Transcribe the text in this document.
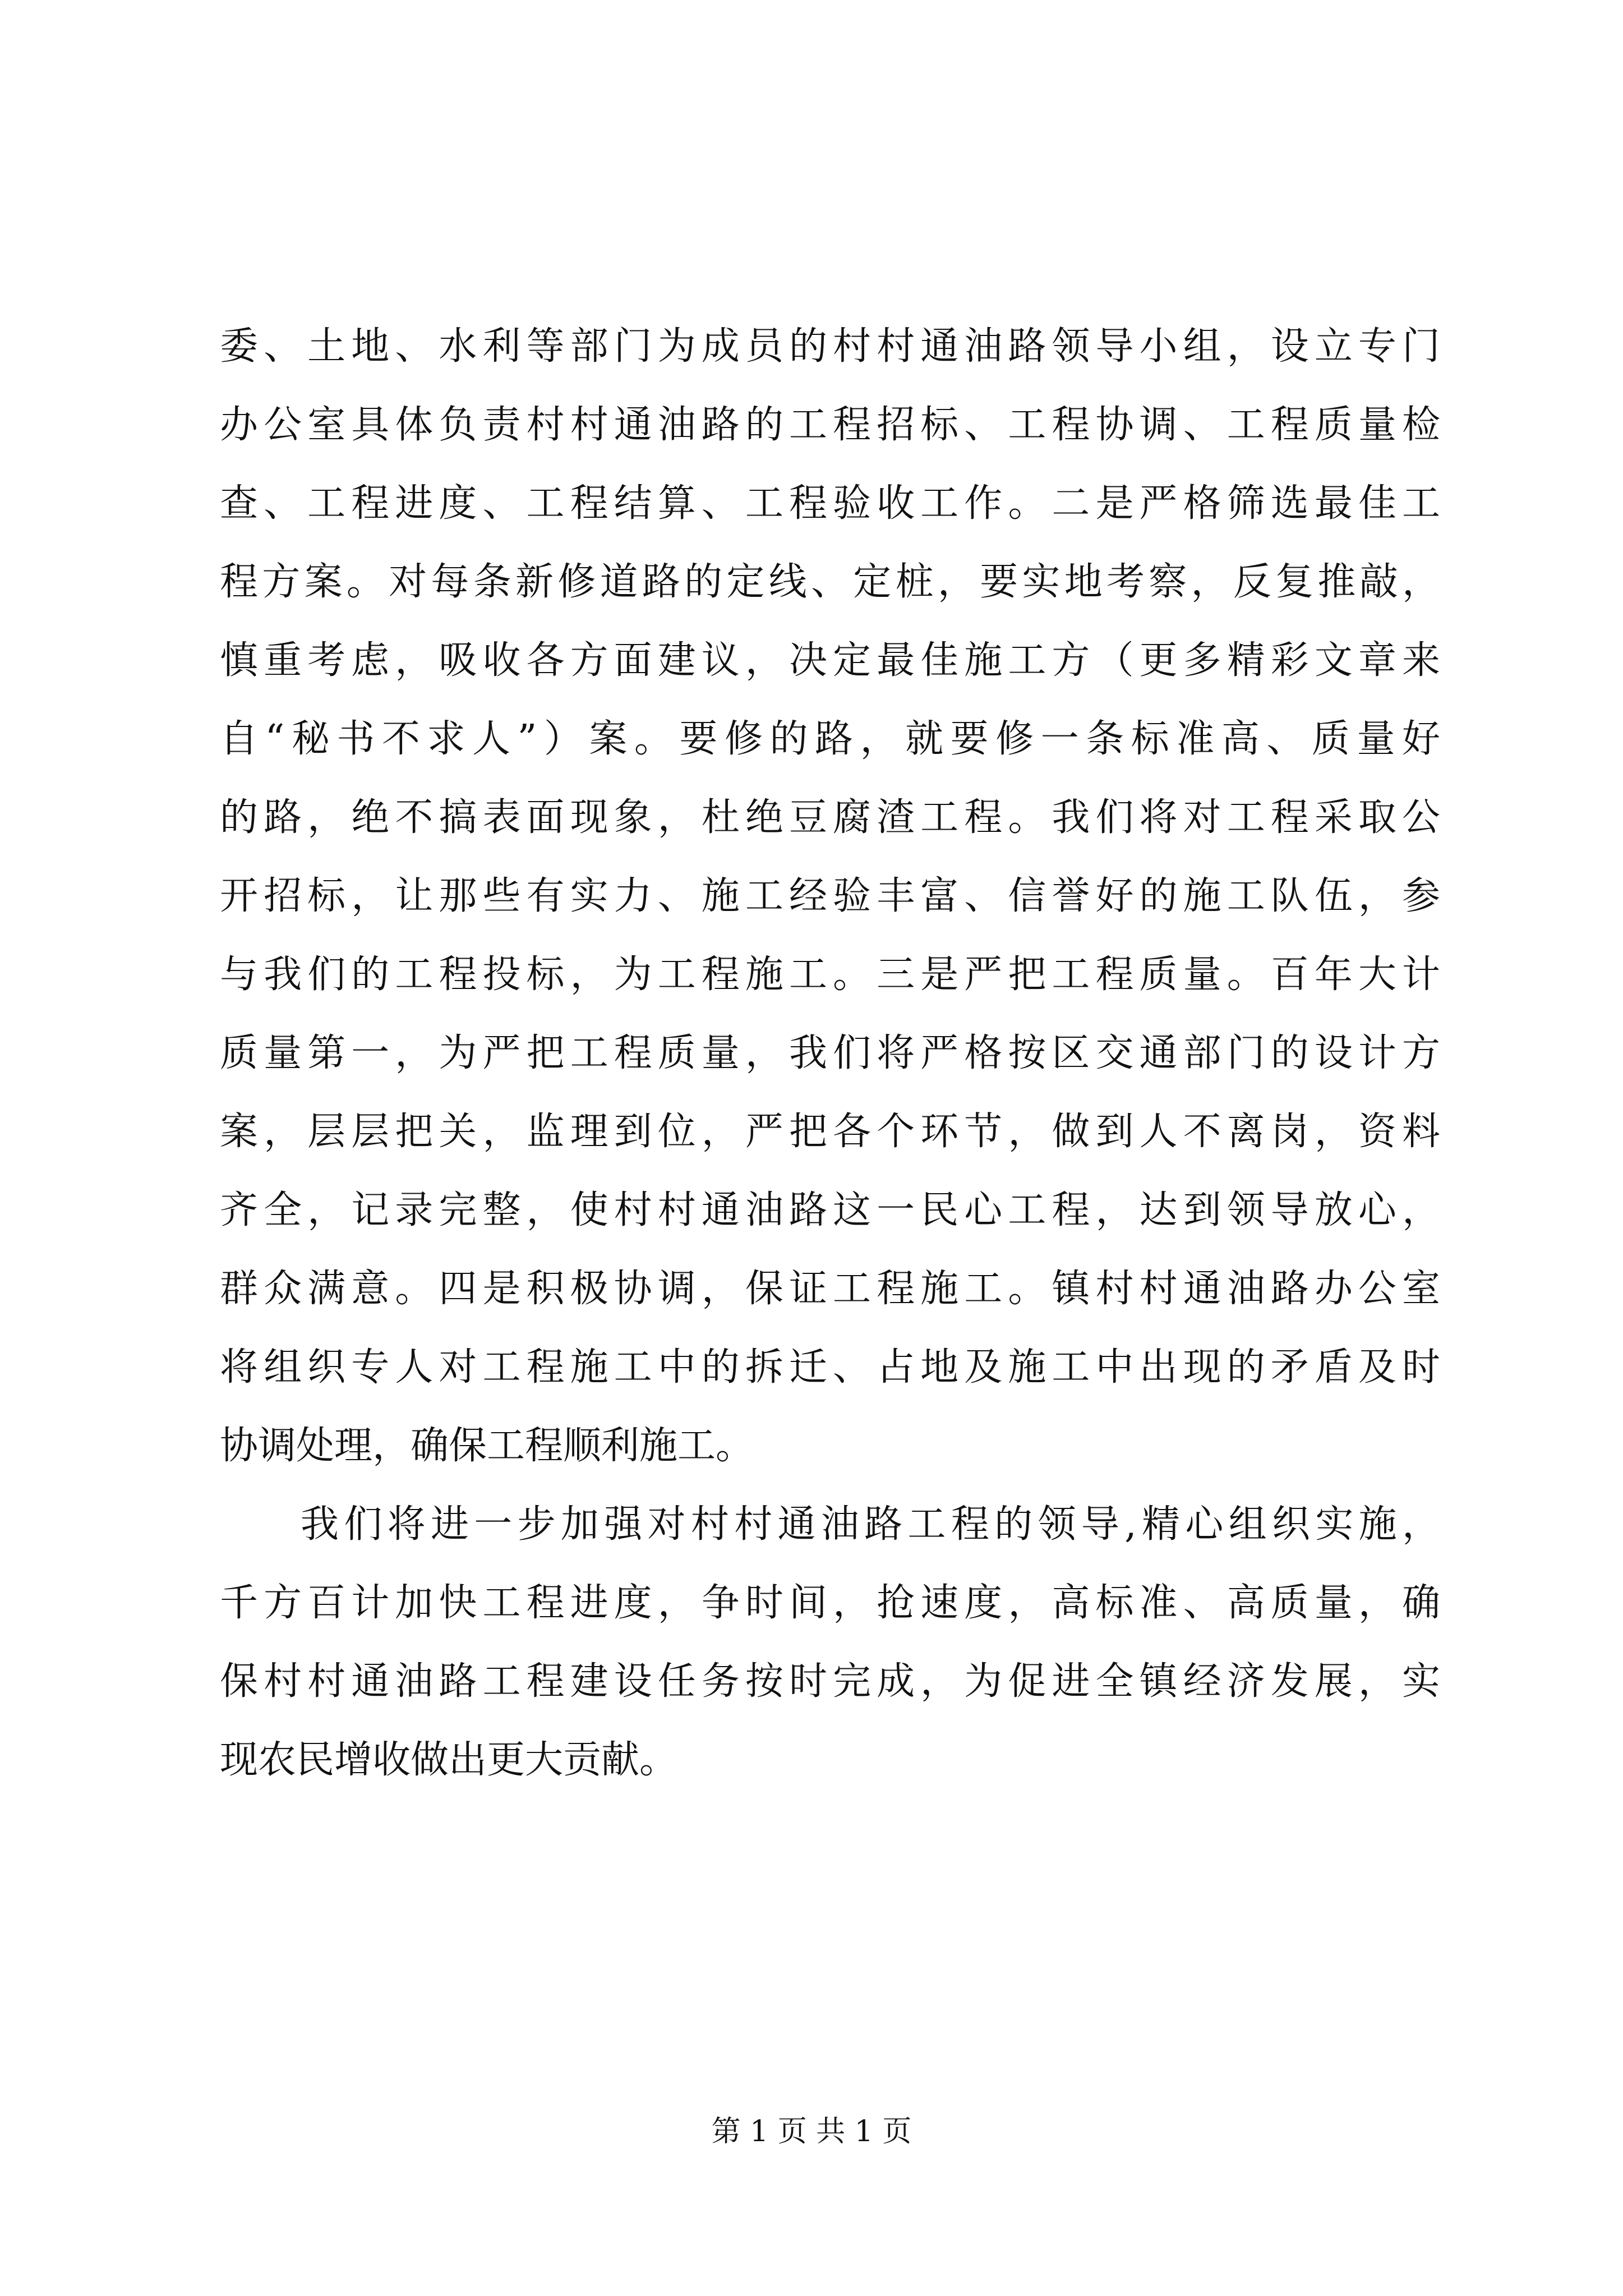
委、土地、水利等部门为成员的村村通油路领导小组，设立专门
办公室具体负责村村通油路的工程招标、工程协调、工程质量检
查、工程进度、工程结算、工程验收工作。二是严格筛选最佳工
程方案。对每条新修道路的定线、定桩，要实地考察，反复推敲，
慎重考虑，吸收各方面建议，决定最佳施工方（更多精彩文章来
自“秘书不求人”）案。要修的路，就要修一条标准高、质量好
的路，绝不搞表面现象，杜绝豆腐渣工程。我们将对工程采取公
开招标，让那些有实力、施工经验丰富、信誉好的施工队伍，参
与我们的工程投标，为工程施工。三是严把工程质量。百年大计
质量第一，为严把工程质量，我们将严格按区交通部门的设计方
案，层层把关，监理到位，严把各个环节，做到人不离岗，资料
齐全，记录完整，使村村通油路这一民心工程，达到领导放心，
群众满意。四是积极协调，保证工程施工。镇村村通油路办公室
将组织专人对工程施工中的拆迁、占地及施工中出现的矛盾及时
协调处理，确保工程顺利施工。
我们将进一步加强对村村通油路工程的领导,精心组织实施，
千方百计加快工程进度，争时间，抢速度，高标准、高质量，确
保村村通油路工程建设任务按时完成，为促进全镇经济发展，实
现农民增收做出更大贡献。
第 1 页 共 1 页
